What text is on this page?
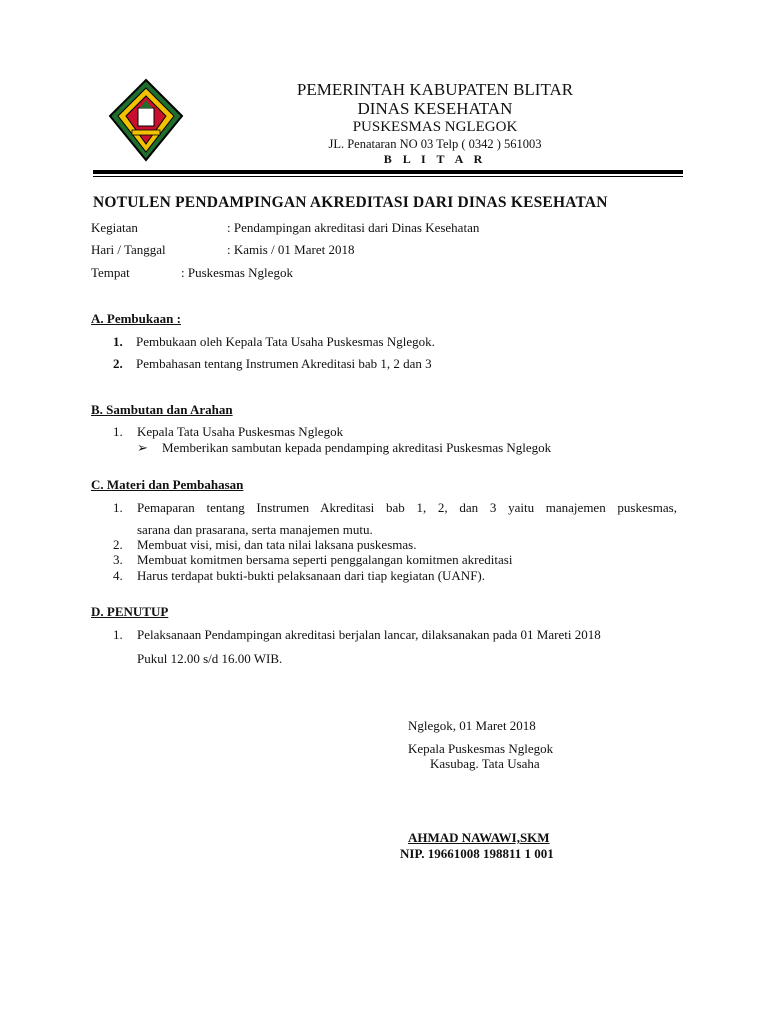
PEMERINTAH KABUPATEN BLITAR
DINAS KESEHATAN
PUSKESMAS NGLEGOK
JL. Penataran NO 03 Telp ( 0342 ) 561003
B L I T A R
NOTULEN PENDAMPINGAN AKREDITASI DARI DINAS KESEHATAN
Kegiatan	: Pendampingan akreditasi dari Dinas Kesehatan
Hari / Tanggal	: Kamis / 01 Maret 2018
Tempat	: Puskesmas Nglegok
A. Pembukaan :
1. Pembukaan oleh Kepala Tata Usaha Puskesmas Nglegok.
2. Pembahasan tentang Instrumen Akreditasi bab 1, 2 dan 3
B. Sambutan dan Arahan
1. Kepala Tata Usaha Puskesmas Nglegok
➢ Memberikan sambutan kepada pendamping akreditasi Puskesmas Nglegok
C. Materi dan Pembahasan
1. Pemaparan tentang Instrumen Akreditasi bab 1, 2, dan 3 yaitu manajemen puskesmas,
sarana dan prasarana, serta manajemen mutu.
2. Membuat visi, misi, dan tata nilai laksana puskesmas.
3. Membuat komitmen bersama seperti penggalangan komitmen akreditasi
4. Harus terdapat bukti-bukti pelaksanaan dari tiap kegiatan (UANF).
D. PENUTUP
1. Pelaksanaan Pendampingan akreditasi berjalan lancar, dilaksanakan pada 01 Mareti 2018
Pukul 12.00 s/d 16.00 WIB.
Nglegok, 01 Maret 2018
Kepala Puskesmas Nglegok
Kasubag. Tata Usaha
AHMAD NAWAWI,SKM
NIP. 19661008 198811 1 001
